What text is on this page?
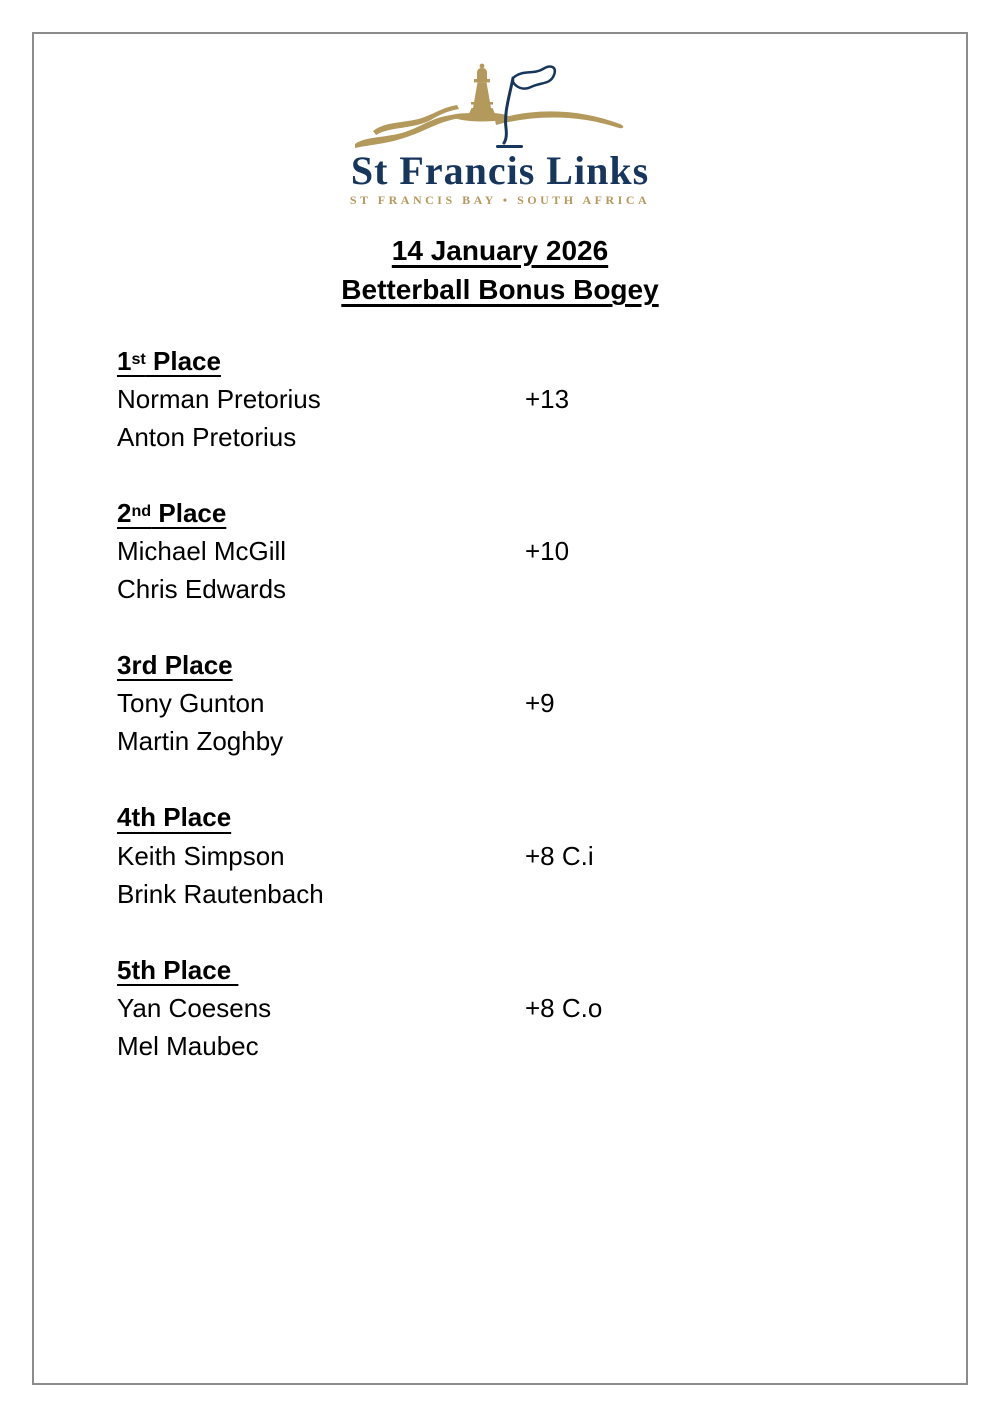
St Francis Links
ST FRANCIS BAY • SOUTH AFRICA
14 January 2026
Betterball Bonus Bogey
1st Place
Norman Pretorius	+13
Anton Pretorius
2nd Place
Michael McGill	+10
Chris Edwards
3rd Place
Tony Gunton	+9
Martin Zoghby
4th Place
Keith Simpson	+8 C.i
Brink Rautenbach
5th Place
Yan Coesens	+8 C.o
Mel Maubec
